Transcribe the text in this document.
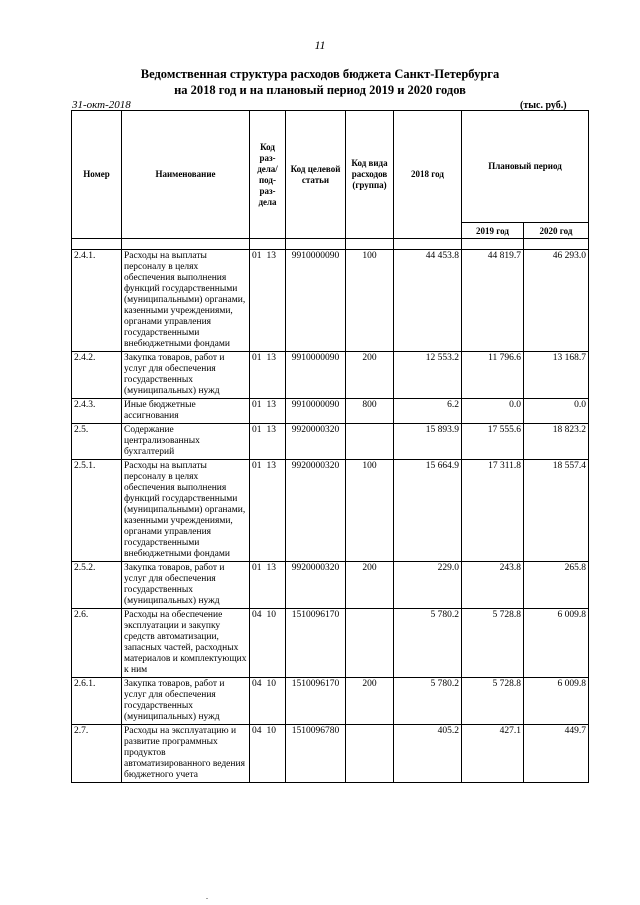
11
Ведомственная структура расходов бюджета Санкт-Петербурга
на 2018 год и на плановый период 2019 и 2020 годов
31-окт-2018	(тыс. руб.)
Номер	Наименование	Код раз-дела/ под-раз-дела	Код целевой статьи	Код вида расходов (группа)	2018 год	Плановый период	
						2019 год	2020 год

2.4.1.	Расходы на выплаты персоналу в целях обеспечения выполнения функций государственными (муниципальными) органами, казенными учреждениями, органами управления государственными внебюджетными фондами	01 13	9910000090	100	44 453.8	44 819.7	46 293.0
2.4.2.	Закупка товаров, работ и услуг для обеспечения государственных (муниципальных) нужд	01 13	9910000090	200	12 553.2	11 796.6	13 168.7
2.4.3.	Иные бюджетные ассигнования	01 13	9910000090	800	6.2	0.0	0.0
2.5.	Содержание централизованных бухгалтерий	01 13	9920000320		15 893.9	17 555.6	18 823.2
2.5.1.	Расходы на выплаты персоналу в целях обеспечения выполнения функций государственными (муниципальными) органами, казенными учреждениями, органами управления государственными внебюджетными фондами	01 13	9920000320	100	15 664.9	17 311.8	18 557.4
2.5.2.	Закупка товаров, работ и услуг для обеспечения государственных (муниципальных) нужд	01 13	9920000320	200	229.0	243.8	265.8
2.6.	Расходы на обеспечение эксплуатации и закупку средств автоматизации, запасных частей, расходных материалов и комплектующих к ним	04 10	1510096170		5 780.2	5 728.8	6 009.8
2.6.1.	Закупка товаров, работ и услуг для обеспечения государственных (муниципальных) нужд	04 10	1510096170	200	5 780.2	5 728.8	6 009.8
2.7.	Расходы на эксплуатацию и развитие программных продуктов автоматизированного ведения бюджетного учета	04 10	1510096780		405.2	427.1	449.7
.
